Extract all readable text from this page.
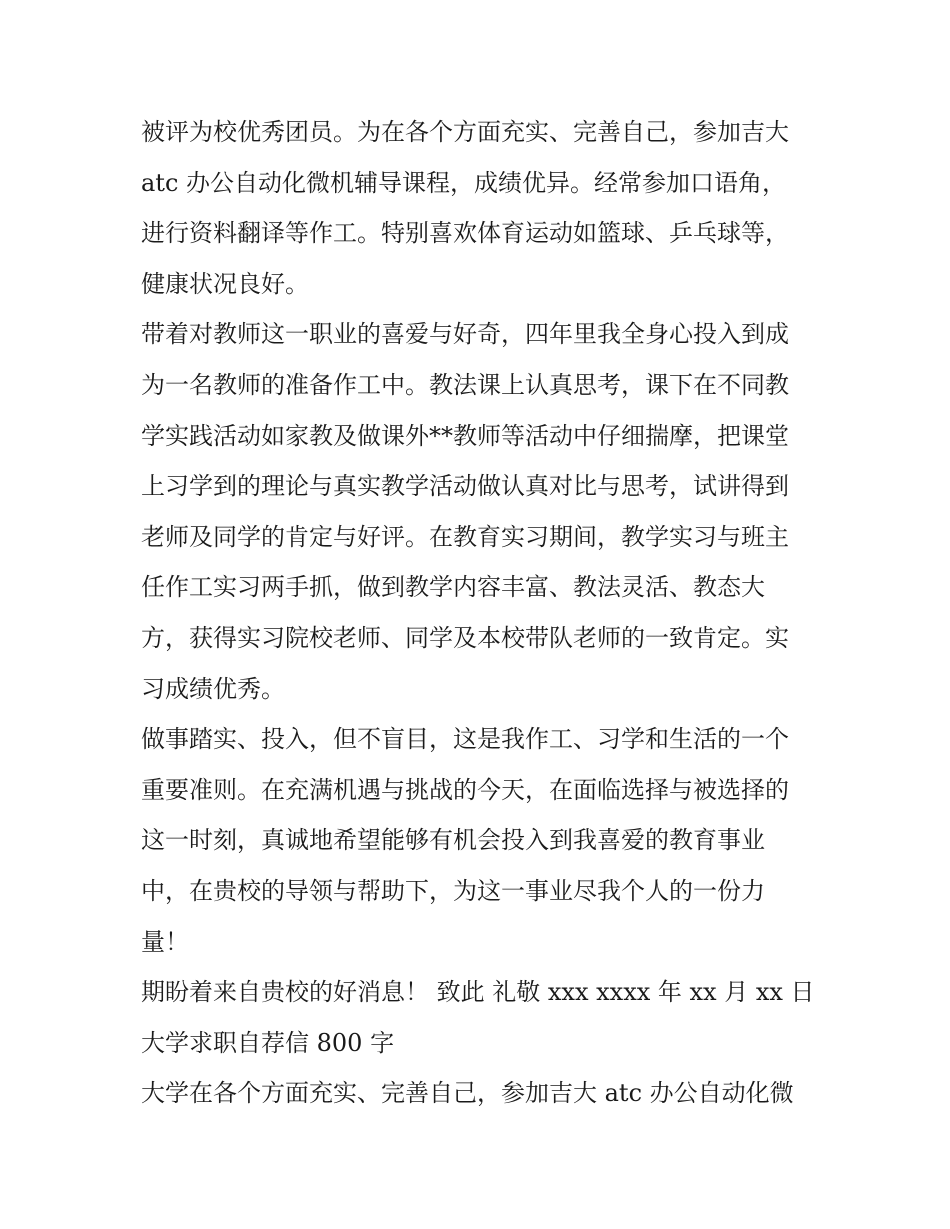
被评为校优秀团员。为在各个方面充实、完善自己，参加吉大
atc 办公自动化微机辅导课程，成绩优异。经常参加口语角，
进行资料翻译等作工。特别喜欢体育运动如篮球、乒乓球等，
健康状况良好。
带着对教师这一职业的喜爱与好奇，四年里我全身心投入到成
为一名教师的准备作工中。教法课上认真思考，课下在不同教
学实践活动如家教及做课外**教师等活动中仔细揣摩，把课堂
上习学到的理论与真实教学活动做认真对比与思考，试讲得到
老师及同学的肯定与好评。在教育实习期间，教学实习与班主
任作工实习两手抓，做到教学内容丰富、教法灵活、教态大
方，获得实习院校老师、同学及本校带队老师的一致肯定。实
习成绩优秀。
做事踏实、投入，但不盲目，这是我作工、习学和生活的一个
重要准则。在充满机遇与挑战的今天，在面临选择与被选择的
这一时刻，真诚地希望能够有机会投入到我喜爱的教育事业
中，在贵校的导领与帮助下，为这一事业尽我个人的一份力
量！
期盼着来自贵校的好消息！ 致此 礼敬 xxx xxxx 年 xx 月 xx 日
大学求职自荐信 800 字
大学在各个方面充实、完善自己，参加吉大 atc 办公自动化微
